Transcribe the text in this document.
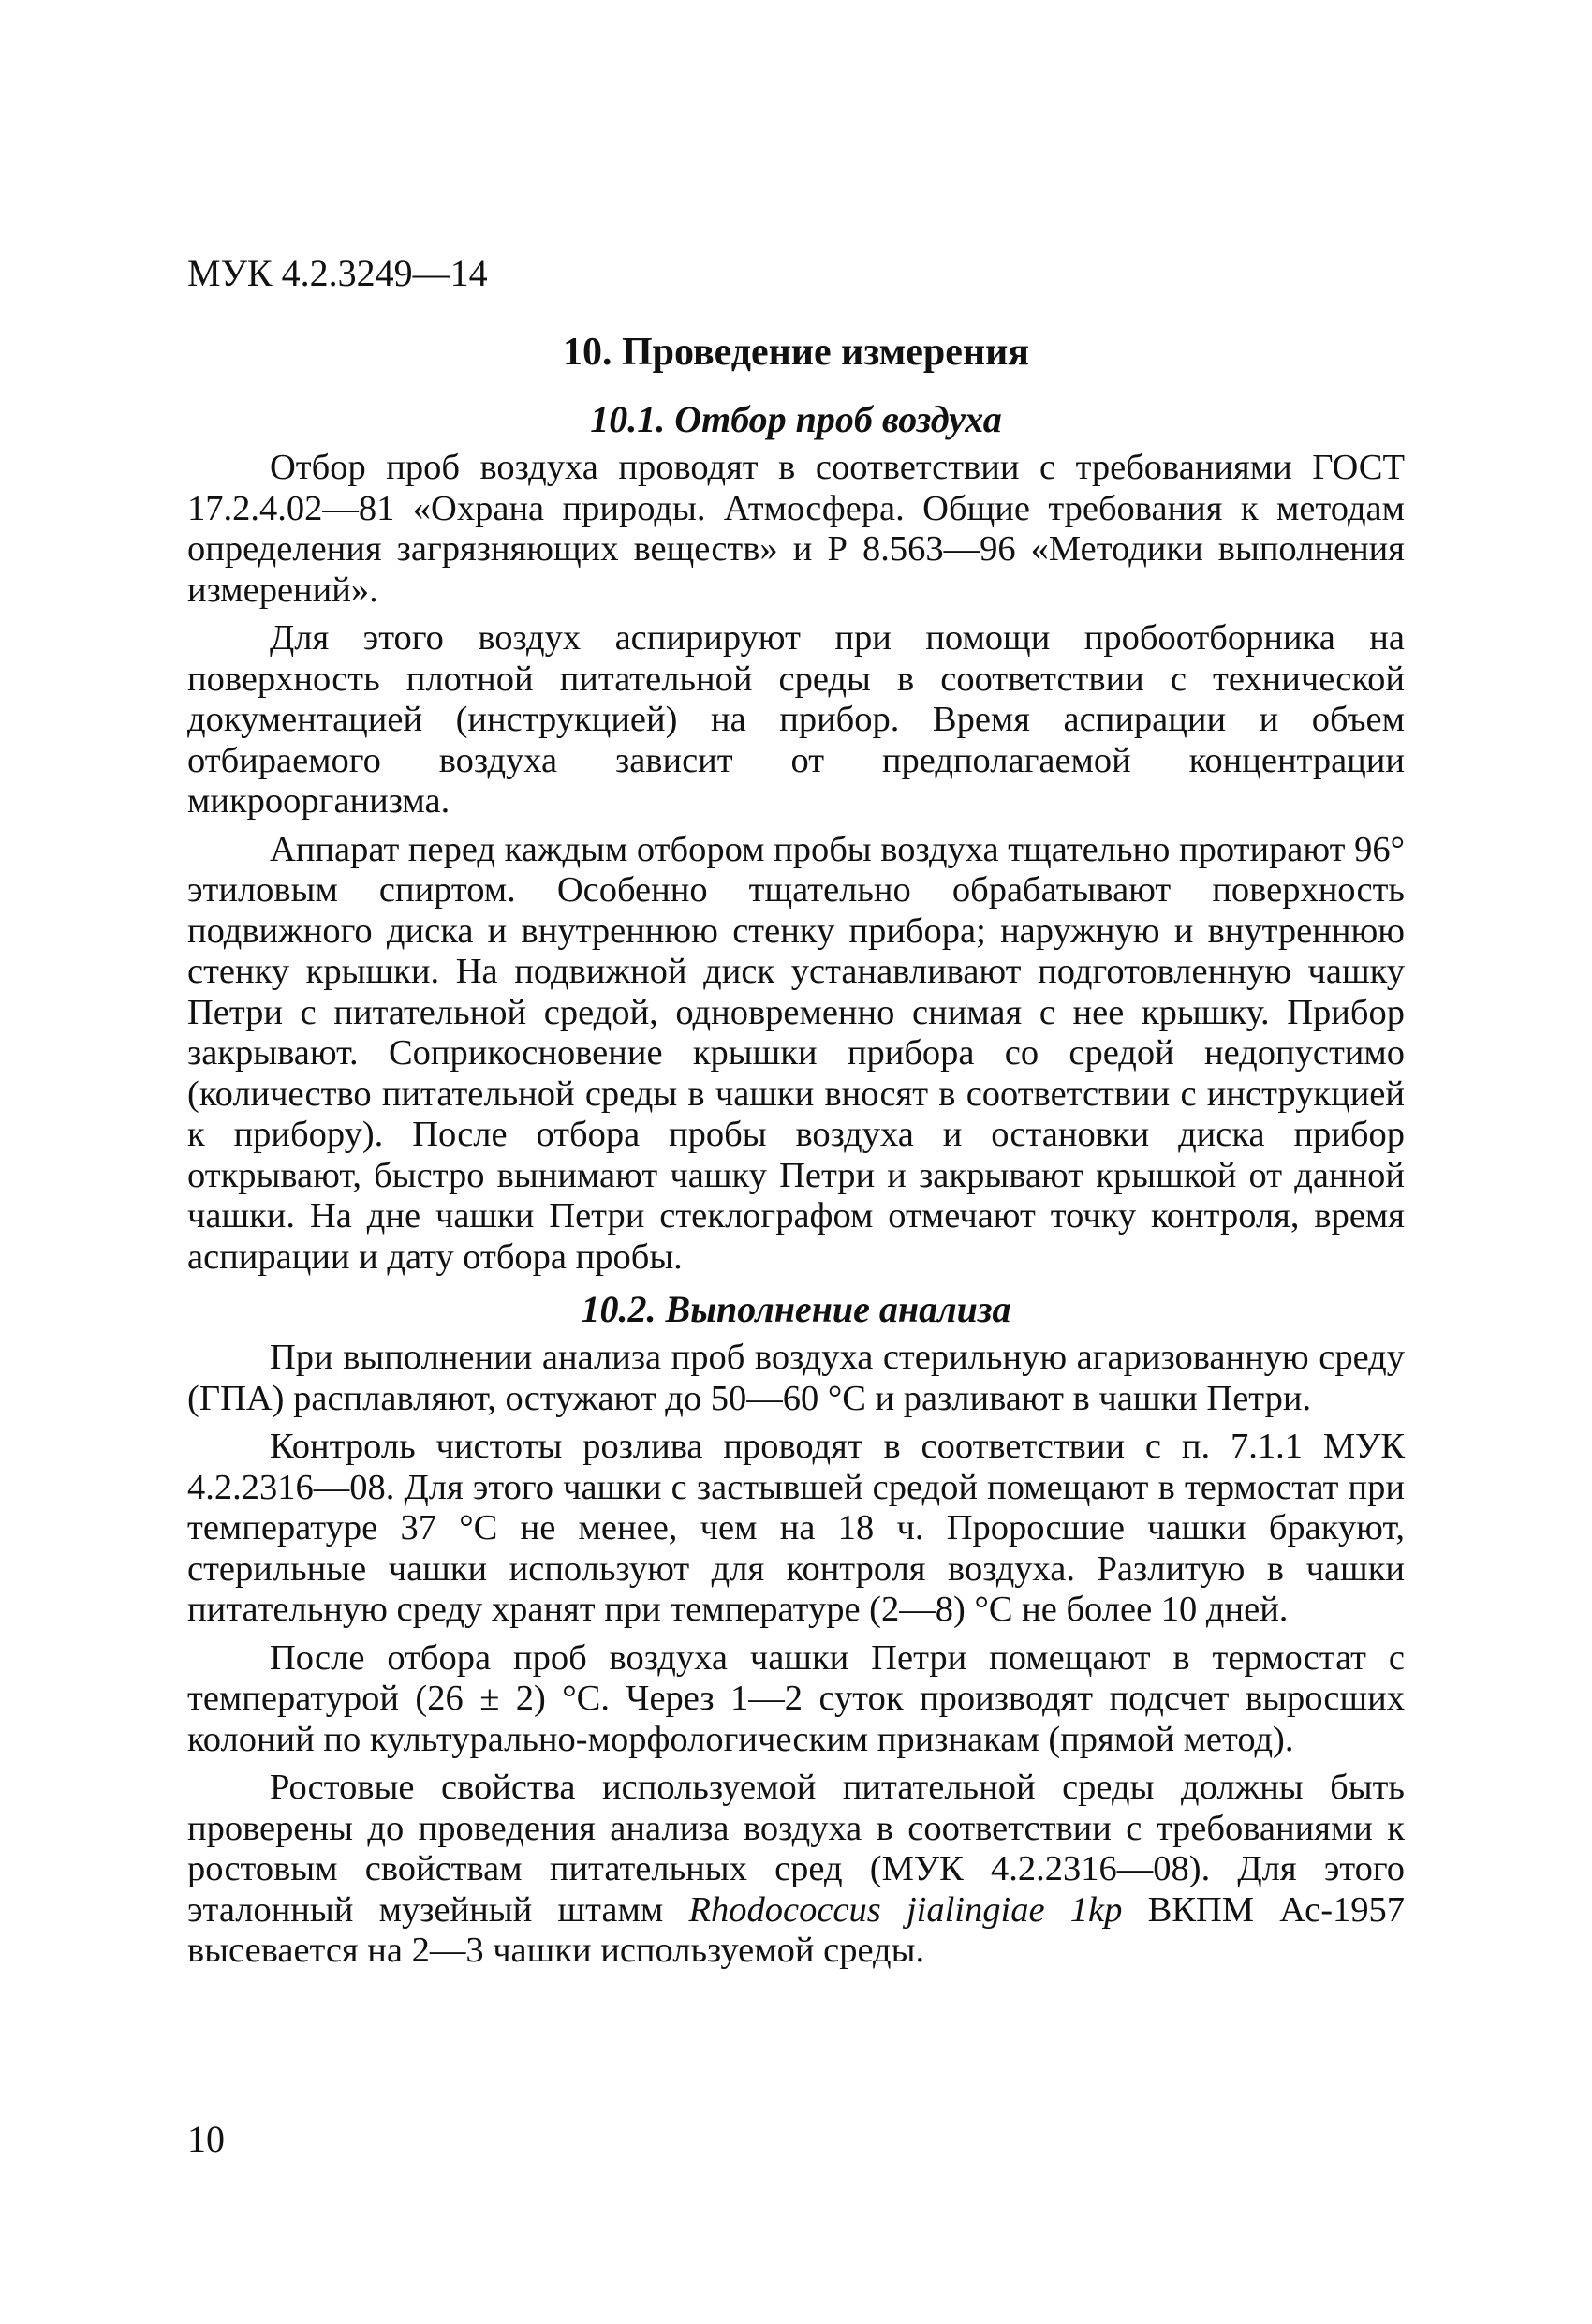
МУК 4.2.3249—14
10. Проведение измерения
10.1. Отбор проб воздуха

Отбор проб воздуха проводят в соответствии с требованиями ГОСТ 17.2.4.02—81 «Охрана природы. Атмосфера. Общие требования к методам определения загрязняющих веществ» и Р 8.563—96 «Методики выполнения измерений».

Для этого воздух аспирируют при помощи пробоотборника на поверхность плотной питательной среды в соответствии с технической документацией (инструкцией) на прибор. Время аспирации и объем отбираемого воздуха зависит от предполагаемой концентрации микроорганизма.

Аппарат перед каждым отбором пробы воздуха тщательно протирают 96° этиловым спиртом. Особенно тщательно обрабатывают поверхность подвижного диска и внутреннюю стенку прибора; наружную и внутреннюю стенку крышки. На подвижной диск устанавливают подготовленную чашку Петри с питательной средой, одновременно снимая с нее крышку. Прибор закрывают. Соприкосновение крышки прибора со средой недопустимо (количество питательной среды в чашки вносят в соответствии с инструкцией к прибору). После отбора пробы воздуха и остановки диска прибор открывают, быстро вынимают чашку Петри и закрывают крышкой от данной чашки. На дне чашки Петри стеклографом отмечают точку контроля, время аспирации и дату отбора пробы.

10.2. Выполнение анализа

При выполнении анализа проб воздуха стерильную агаризованную среду (ГПА) расплавляют, остужают до 50—60 °С и разливают в чашки Петри.

Контроль чистоты розлива проводят в соответствии с п. 7.1.1 МУК 4.2.2316—08. Для этого чашки с застывшей средой помещают в термостат при температуре 37 °С не менее, чем на 18 ч. Проросшие чашки бракуют, стерильные чашки используют для контроля воздуха. Разлитую в чашки питательную среду хранят при температуре (2—8) °С не более 10 дней.

После отбора проб воздуха чашки Петри помещают в термостат с температурой (26 ± 2) °С. Через 1—2 суток производят подсчет выросших колоний по культурально-морфологическим признакам (прямой метод).

Ростовые свойства используемой питательной среды должны быть проверены до проведения анализа воздуха в соответствии с требованиями к ростовым свойствам питательных сред (МУК 4.2.2316—08). Для этого эталонный музейный штамм Rhodococcus jialingiae 1kp ВКПМ Ас-1957 высевается на 2—3 чашки используемой среды.

10
